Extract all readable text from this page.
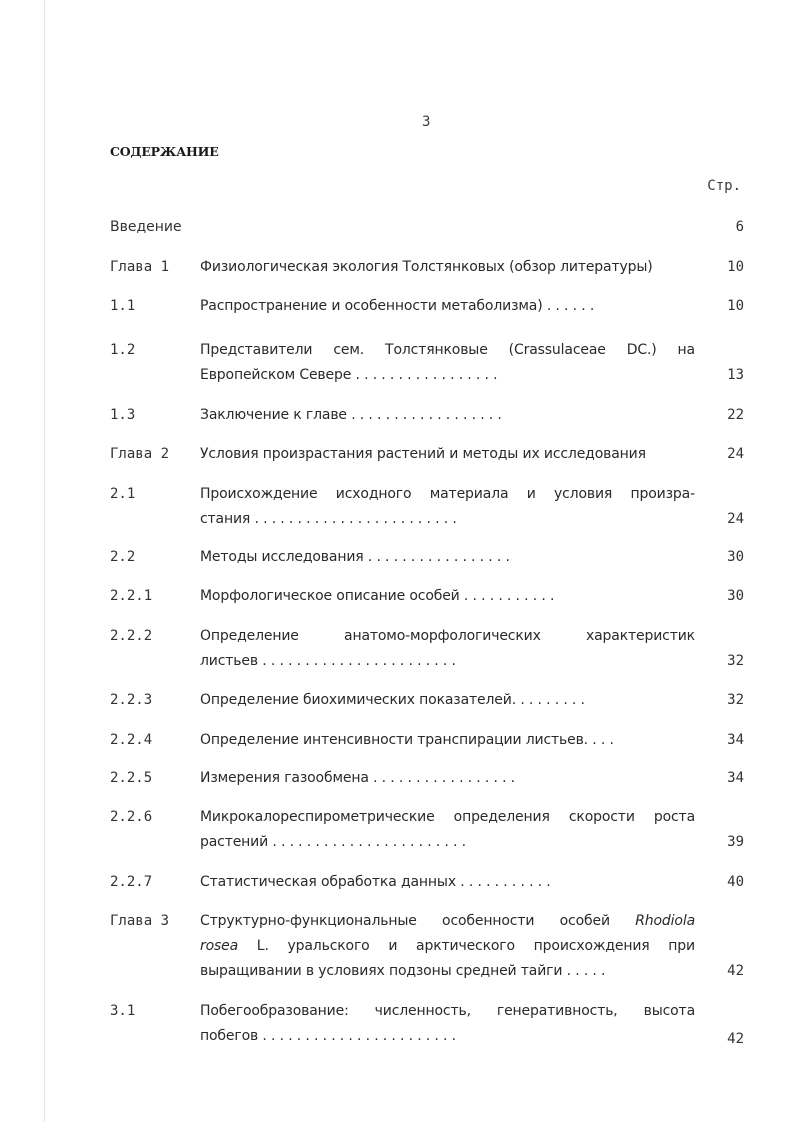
3
СОДЕРЖАНИЕ
Стр.
Введение	6
Глава 1 Физиологическая экология Толстянковых (обзор литературы)	10
1.1	Распространение и особенности метаболизма) . . . . . .	10
1.2	Представители сем. Толстянковые (Crassulaceae DC.) на
Европейском Севере . . . . . . . . . . . . . . . . .	13
1.3	Заключение к главе . . . . . . . . . . . . . . . . . .	22
Глава 2 Условия произрастания растений и методы их исследования	24
2.1	Происхождение исходного материала и условия произра-
стания . . . . . . . . . . . . . . . . . . . . . . . .	24
2.2	Методы исследования . . . . . . . . . . . . . . . . .	30
2.2.1	Морфологическое описание особей . . . . . . . . . . .	30
2.2.2	Определение анатомо-морфологических характеристик
листьев . . . . . . . . . . . . . . . . . . . . . . .	32
2.2.3	Определение биохимических показателей. . . . . . . . .	32
2.2.4	Определение интенсивности транспирации листьев. . . .	34
2.2.5	Измерения газообмена . . . . . . . . . . . . . . . . .	34
2.2.6	Микрокалореспирометрические определения скорости роста
растений . . . . . . . . . . . . . . . . . . . . . . .	39
2.2.7	Статистическая обработка данных . . . . . . . . . . .	40
Глава 3 Структурно-функциональные особенности особей Rhodiola
rosea L. уральского и арктического происхождения при
выращивании в условиях подзоны средней тайги . . . . .	42
3.1	Побегообразование: численность, генеративность, высота
побегов . . . . . . . . . . . . . . . . . . . . . . .	42
